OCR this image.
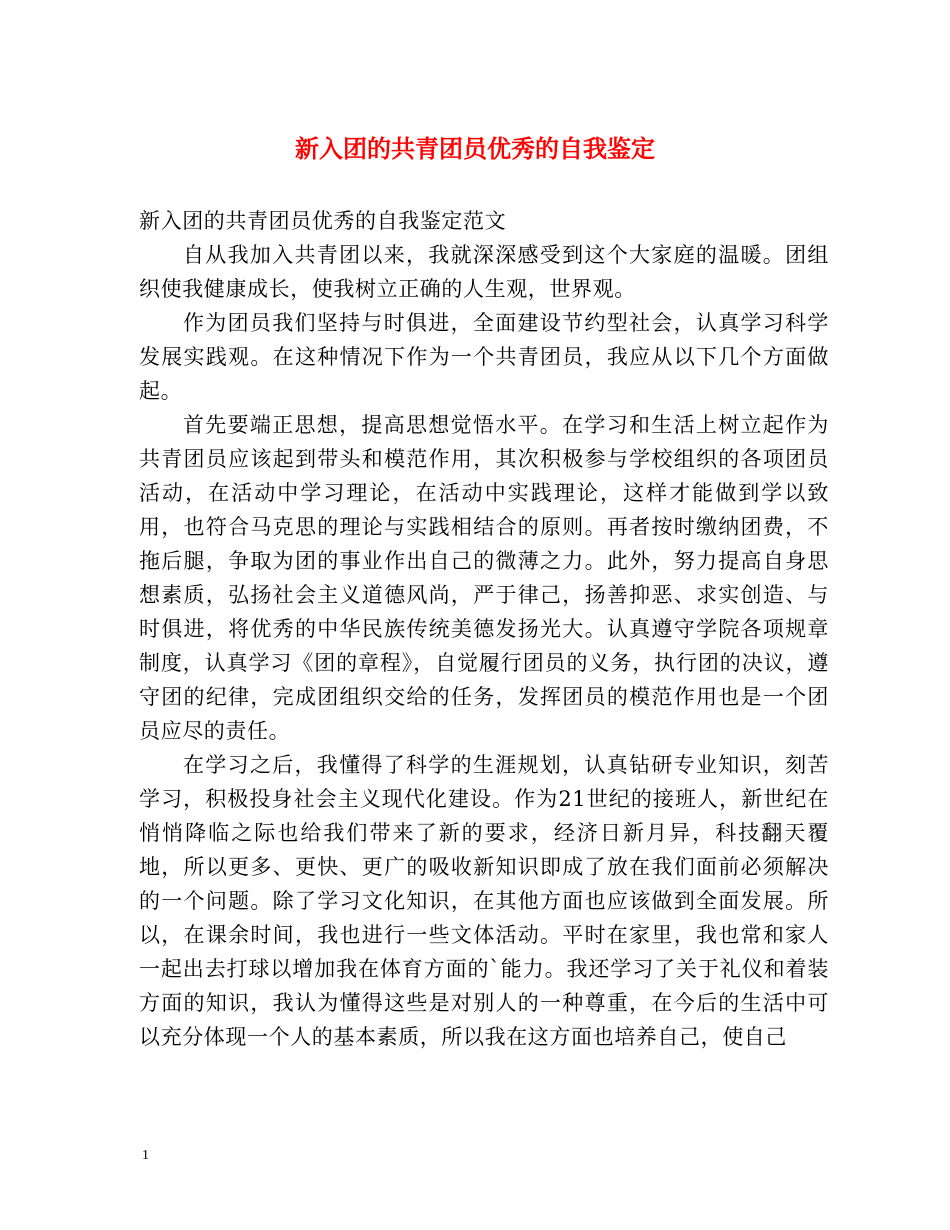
新入团的共青团员优秀的自我鉴定

新入团的共青团员优秀的自我鉴定范文

自从我加入共青团以来，我就深深感受到这个大家庭的温暖。团组织使我健康成长，使我树立正确的人生观，世界观。

作为团员我们坚持与时俱进，全面建设节约型社会，认真学习科学发展实践观。在这种情况下作为一个共青团员，我应从以下几个方面做起。

首先要端正思想，提高思想觉悟水平。在学习和生活上树立起作为共青团员应该起到带头和模范作用，其次积极参与学校组织的各项团员活动，在活动中学习理论，在活动中实践理论，这样才能做到学以致用，也符合马克思的理论与实践相结合的原则。再者按时缴纳团费，不拖后腿，争取为团的事业作出自己的微薄之力。此外，努力提高自身思想素质，弘扬社会主义道德风尚，严于律己，扬善抑恶、求实创造、与时俱进，将优秀的中华民族传统美德发扬光大。认真遵守学院各项规章制度，认真学习《团的章程》，自觉履行团员的义务，执行团的决议，遵守团的纪律，完成团组织交给的任务，发挥团员的模范作用也是一个团员应尽的责任。

在学习之后，我懂得了科学的生涯规划，认真钻研专业知识，刻苦学习，积极投身社会主义现代化建设。作为21世纪的接班人，新世纪在悄悄降临之际也给我们带来了新的要求，经济日新月异，科技翻天覆地，所以更多、更快、更广的吸收新知识即成了放在我们面前必须解决的一个问题。除了学习文化知识，在其他方面也应该做到全面发展。所以，在课余时间，我也进行一些文体活动。平时在家里，我也常和家人一起出去打球以增加我在体育方面的`能力。我还学习了关于礼仪和着装方面的知识，我认为懂得这些是对别人的一种尊重，在今后的生活中可以充分体现一个人的基本素质，所以我在这方面也培养自己，使自己

1
